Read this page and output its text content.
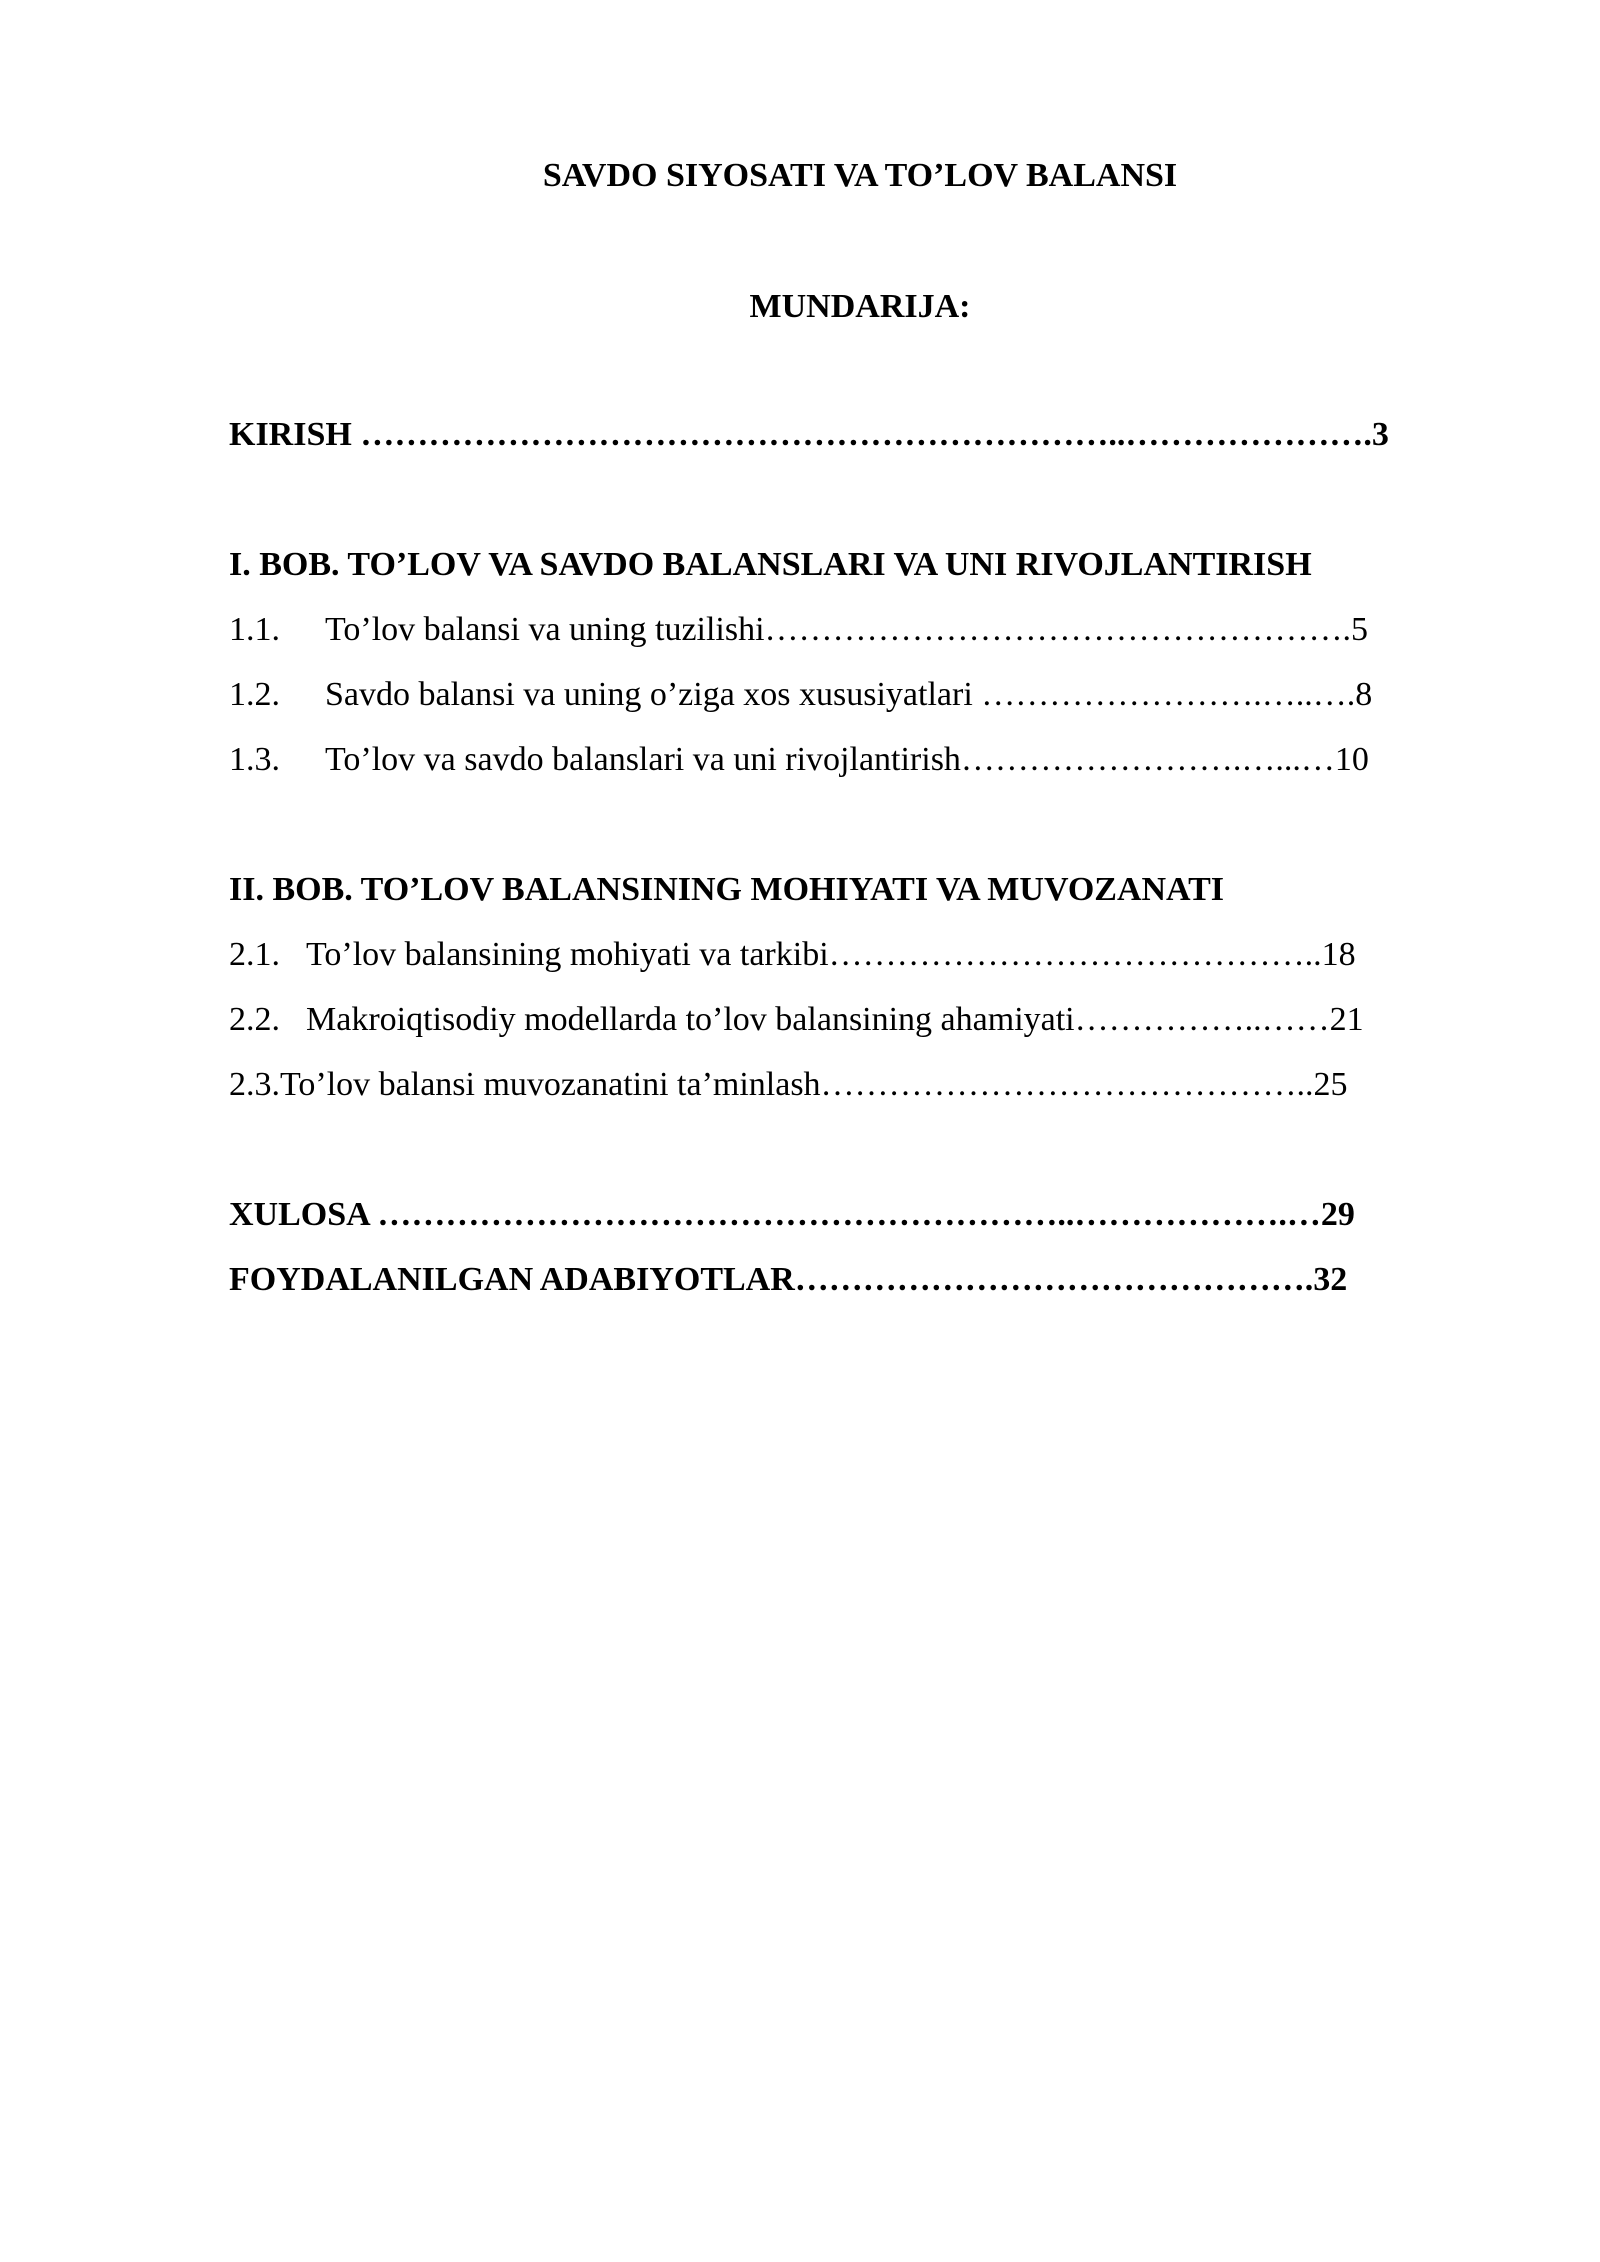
SAVDO SIYOSATI VA TO’LOV BALANSI
MUNDARIJA:
KIRISH …………………………………………………………..………………….3
I. BOB. TO’LOV VA SAVDO BALANSLARI VA UNI RIVOJLANTIRISH
1.1. To’lov balansi va uning tuzilishi…………………………………………….5
1.2. Savdo balansi va uning o’ziga xos xususiyatlari …………………….…..….8
1.3. To’lov va savdo balanslari va uni rivojlantirish…………………….…...…10
II. BOB. TO’LOV BALANSINING MOHIYATI VA MUVOZANATI
2.1. To’lov balansining mohiyati va tarkibi……………………………………..18
2.2. Makroiqtisodiy modellarda to’lov balansining ahamiyati……………..……21
2.3.To’lov balansi muvozanatini ta’minlash……………………………………..25
XULOSA ……………………………………………………..……………….…29
FOYDALANILGAN ADABIYOTLAR……………………………………….32
